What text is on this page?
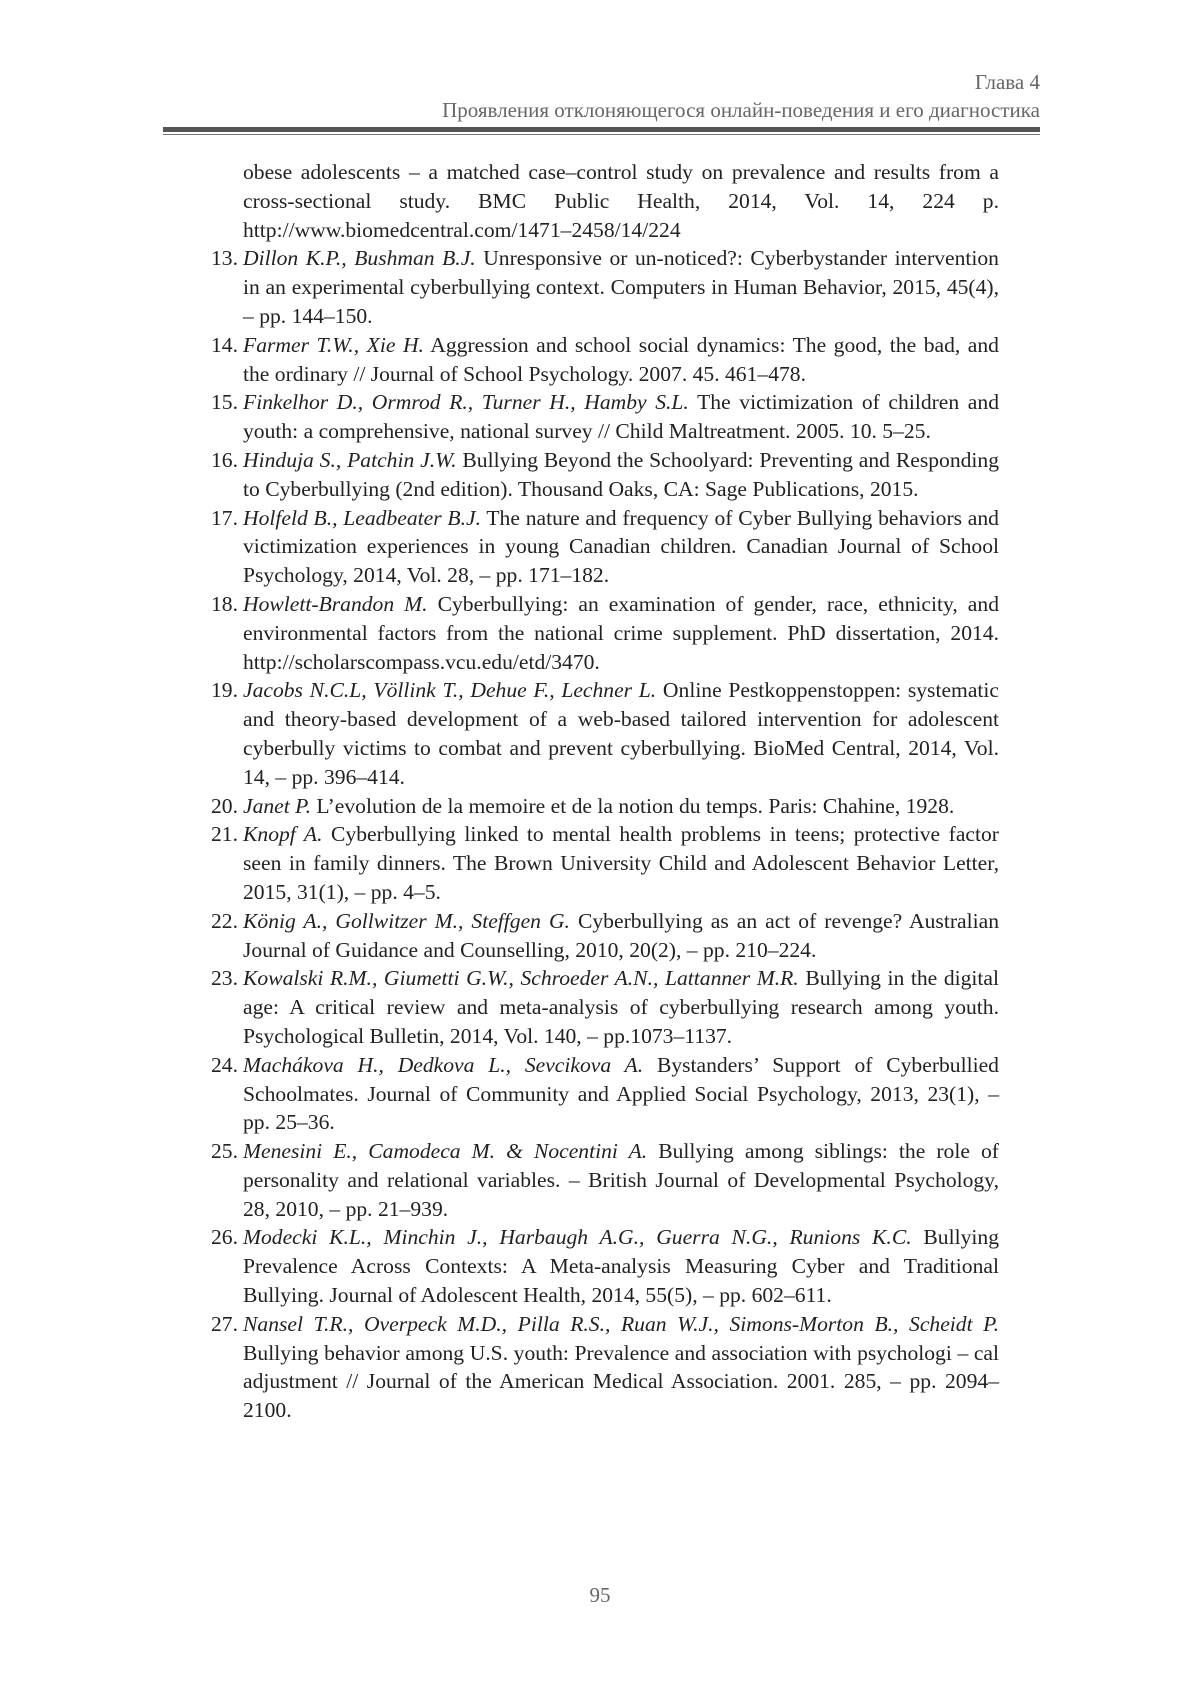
Глава 4
Проявления отклоняющегося онлайн-поведения и его диагностика
obese adolescents – a matched case–control study on prevalence and results from a cross-sectional study. BMC Public Health, 2014, Vol. 14, 224 p. http://www.biomedcentral.com/1471–2458/14/224
13. Dillon K.P., Bushman B.J. Unresponsive or un-noticed?: Cyberbystander intervention in an experimental cyberbullying context. Computers in Human Behavior, 2015, 45(4), – pp. 144–150.
14. Farmer T.W., Xie H. Aggression and school social dynamics: The good, the bad, and the ordinary // Journal of School Psychology. 2007. 45. 461–478.
15. Finkelhor D., Ormrod R., Turner H., Hamby S.L. The victimization of children and youth: a comprehensive, national survey // Child Maltreatment. 2005. 10. 5–25.
16. Hinduja S., Patchin J.W. Bullying Beyond the Schoolyard: Preventing and Responding to Cyberbullying (2nd edition). Thousand Oaks, CA: Sage Publications, 2015.
17. Holfeld B., Leadbeater B.J. The nature and frequency of Cyber Bullying behaviors and victimization experiences in young Canadian children. Canadian Journal of School Psychology, 2014, Vol. 28, – pp. 171–182.
18. Howlett-Brandon M. Cyberbullying: an examination of gender, race, ethnicity, and environmental factors from the national crime supplement. PhD dissertation, 2014. http://scholarscompass.vcu.edu/etd/3470.
19. Jacobs N.C.L, Völlink T., Dehue F., Lechner L. Online Pestkoppenstoppen: systematic and theory-based development of a web-based tailored intervention for adolescent cyberbully victims to combat and prevent cyberbullying. BioMed Central, 2014, Vol. 14, – pp. 396–414.
20. Janet P. L’evolution de la memoire et de la notion du temps. Paris: Chahine, 1928.
21. Knopf A. Cyberbullying linked to mental health problems in teens; protective factor seen in family dinners. The Brown University Child and Adolescent Behavior Letter, 2015, 31(1), – pp. 4–5.
22. König A., Gollwitzer M., Steffgen G. Cyberbullying as an act of revenge? Australian Journal of Guidance and Counselling, 2010, 20(2), – pp. 210–224.
23. Kowalski R.M., Giumetti G.W., Schroeder A.N., Lattanner M.R. Bullying in the digital age: A critical review and meta-analysis of cyberbullying research among youth. Psychological Bulletin, 2014, Vol. 140, – pp.1073–1137.
24. Machákova H., Dedkova L., Sevcikova A. Bystanders’ Support of Cyberbullied Schoolmates. Journal of Community and Applied Social Psychology, 2013, 23(1), – pp. 25–36.
25. Menesini E., Camodeca M. & Nocentini A. Bullying among siblings: the role of personality and relational variables. – British Journal of Developmental Psychology, 28, 2010, – pp. 21–939.
26. Modecki K.L., Minchin J., Harbaugh A.G., Guerra N.G., Runions K.C. Bullying Prevalence Across Contexts: A Meta-analysis Measuring Cyber and Traditional Bullying. Journal of Adolescent Health, 2014, 55(5), – pp. 602–611.
27. Nansel T.R., Overpeck M.D., Pilla R.S., Ruan W.J., Simons-Morton B., Scheidt P. Bullying behavior among U.S. youth: Prevalence and association with psychologi – cal adjustment // Journal of the American Medical Association. 2001. 285, – pp. 2094–2100.
95
